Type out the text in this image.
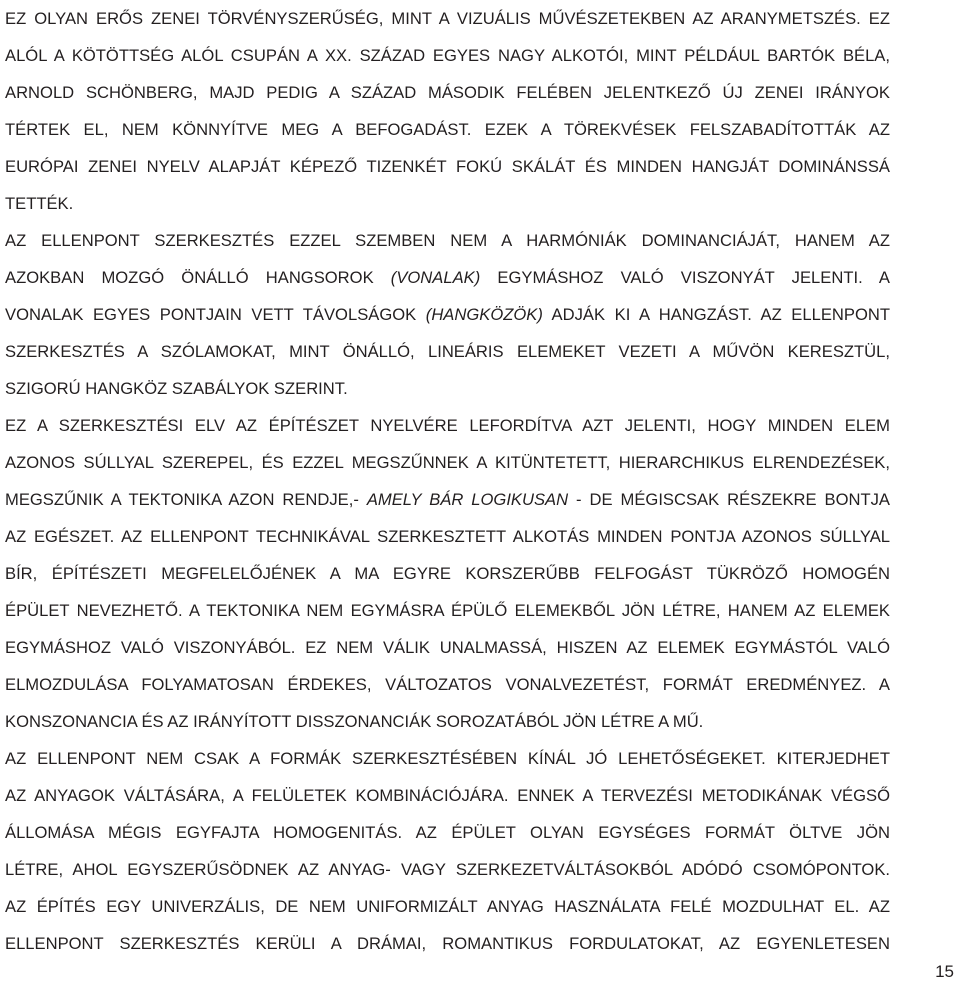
EZ OLYAN ERŐS ZENEI TÖRVÉNYSZERŰSÉG, MINT A VIZUÁLIS MŰVÉSZETEKBEN AZ ARANYMETSZÉS. EZ
ALÓL A KÖTÖTTSÉG ALÓL CSUPÁN A XX. SZÁZAD EGYES NAGY ALKOTÓI, MINT PÉLDÁUL BARTÓK BÉLA,
ARNOLD SCHÖNBERG, MAJD PEDIG A SZÁZAD MÁSODIK FELÉBEN JELENTKEZŐ ÚJ ZENEI IRÁNYOK
TÉRTEK EL, NEM KÖNNYÍTVE MEG A BEFOGADÁST. EZEK A TÖREKVÉSEK FELSZABADÍTOTTÁK AZ
EURÓPAI ZENEI NYELV ALAPJÁT KÉPEZŐ TIZENKÉT FOKÚ SKÁLÁT ÉS MINDEN HANGJÁT DOMINÁNSSÁ
TETTÉK.
AZ ELLENPONT SZERKESZTÉS EZZEL SZEMBEN NEM A HARMÓNIÁK DOMINANCIÁJÁT, HANEM AZ
AZOKBAN MOZGÓ ÖNÁLLÓ HANGSOROK (VONALAK) EGYMÁSHOZ VALÓ VISZONYÁT JELENTI. A
VONALAK EGYES PONTJAIN VETT TÁVOLSÁGOK (HANGKÖZÖK) ADJÁK KI A HANGZÁST. AZ ELLENPONT
SZERKESZTÉS A SZÓLAMOKAT, MINT ÖNÁLLÓ, LINEÁRIS ELEMEKET VEZETI A MŰVÖN KERESZTÜL,
SZIGORÚ HANGKÖZ SZABÁLYOK SZERINT.
EZ A SZERKESZTÉSI ELV AZ ÉPÍTÉSZET NYELVÉRE LEFORDÍTVA AZT JELENTI, HOGY MINDEN ELEM
AZONOS SÚLLYAL SZEREPEL, ÉS EZZEL MEGSZŰNNEK A KITÜNTETETT, HIERARCHIKUS ELRENDEZÉSEK,
MEGSZŰNIK A TEKTONIKA AZON RENDJE,- AMELY BÁR LOGIKUSAN - DE MÉGISCSAK RÉSZEKRE BONTJA
AZ EGÉSZET. AZ ELLENPONT TECHNIKÁVAL SZERKESZTETT ALKOTÁS MINDEN PONTJA AZONOS SÚLLYAL
BÍR, ÉPÍTÉSZETI MEGFELELŐJÉNEK A MA EGYRE KORSZERŰBB FELFOGÁST TÜKRÖZŐ HOMOGÉN
ÉPÜLET NEVEZHETŐ. A TEKTONIKA NEM EGYMÁSRA ÉPÜLŐ ELEMEKBŐL JÖN LÉTRE, HANEM AZ ELEMEK
EGYMÁSHOZ VALÓ VISZONYÁBÓL. EZ NEM VÁLIK UNALMASSÁ, HISZEN AZ ELEMEK EGYMÁSTÓL VALÓ
ELMOZDULÁSA FOLYAMATOSAN ÉRDEKES, VÁLTOZATOS VONALVEZETÉST, FORMÁT EREDMÉNYEZ. A
KONSZONANCIA ÉS AZ IRÁNYÍTOTT DISSZONANCIÁK SOROZATÁBÓL JÖN LÉTRE A MŰ.
AZ ELLENPONT NEM CSAK A FORMÁK SZERKESZTÉSÉBEN KÍNÁL JÓ LEHETŐSÉGEKET. KITERJEDHET
AZ ANYAGOK VÁLTÁSÁRA, A FELÜLETEK KOMBINÁCIÓJÁRA. ENNEK A TERVEZÉSI METODIKÁNAK VÉGSŐ
ÁLLOMÁSA MÉGIS EGYFAJTA HOMOGENITÁS. AZ ÉPÜLET OLYAN EGYSÉGES FORMÁT ÖLTVE JÖN
LÉTRE, AHOL EGYSZERŰSÖDNEK AZ ANYAG- VAGY SZERKEZETVÁLTÁSOKBÓL ADÓDÓ CSOMÓPONTOK.
AZ ÉPÍTÉS EGY UNIVERZÁLIS, DE NEM UNIFORMIZÁLT ANYAG HASZNÁLATA FELÉ MOZDULHAT EL. AZ
ELLENPONT SZERKESZTÉS KERÜLI A DRÁMAI, ROMANTIKUS FORDULATOKAT, AZ EGYENLETESEN
15
